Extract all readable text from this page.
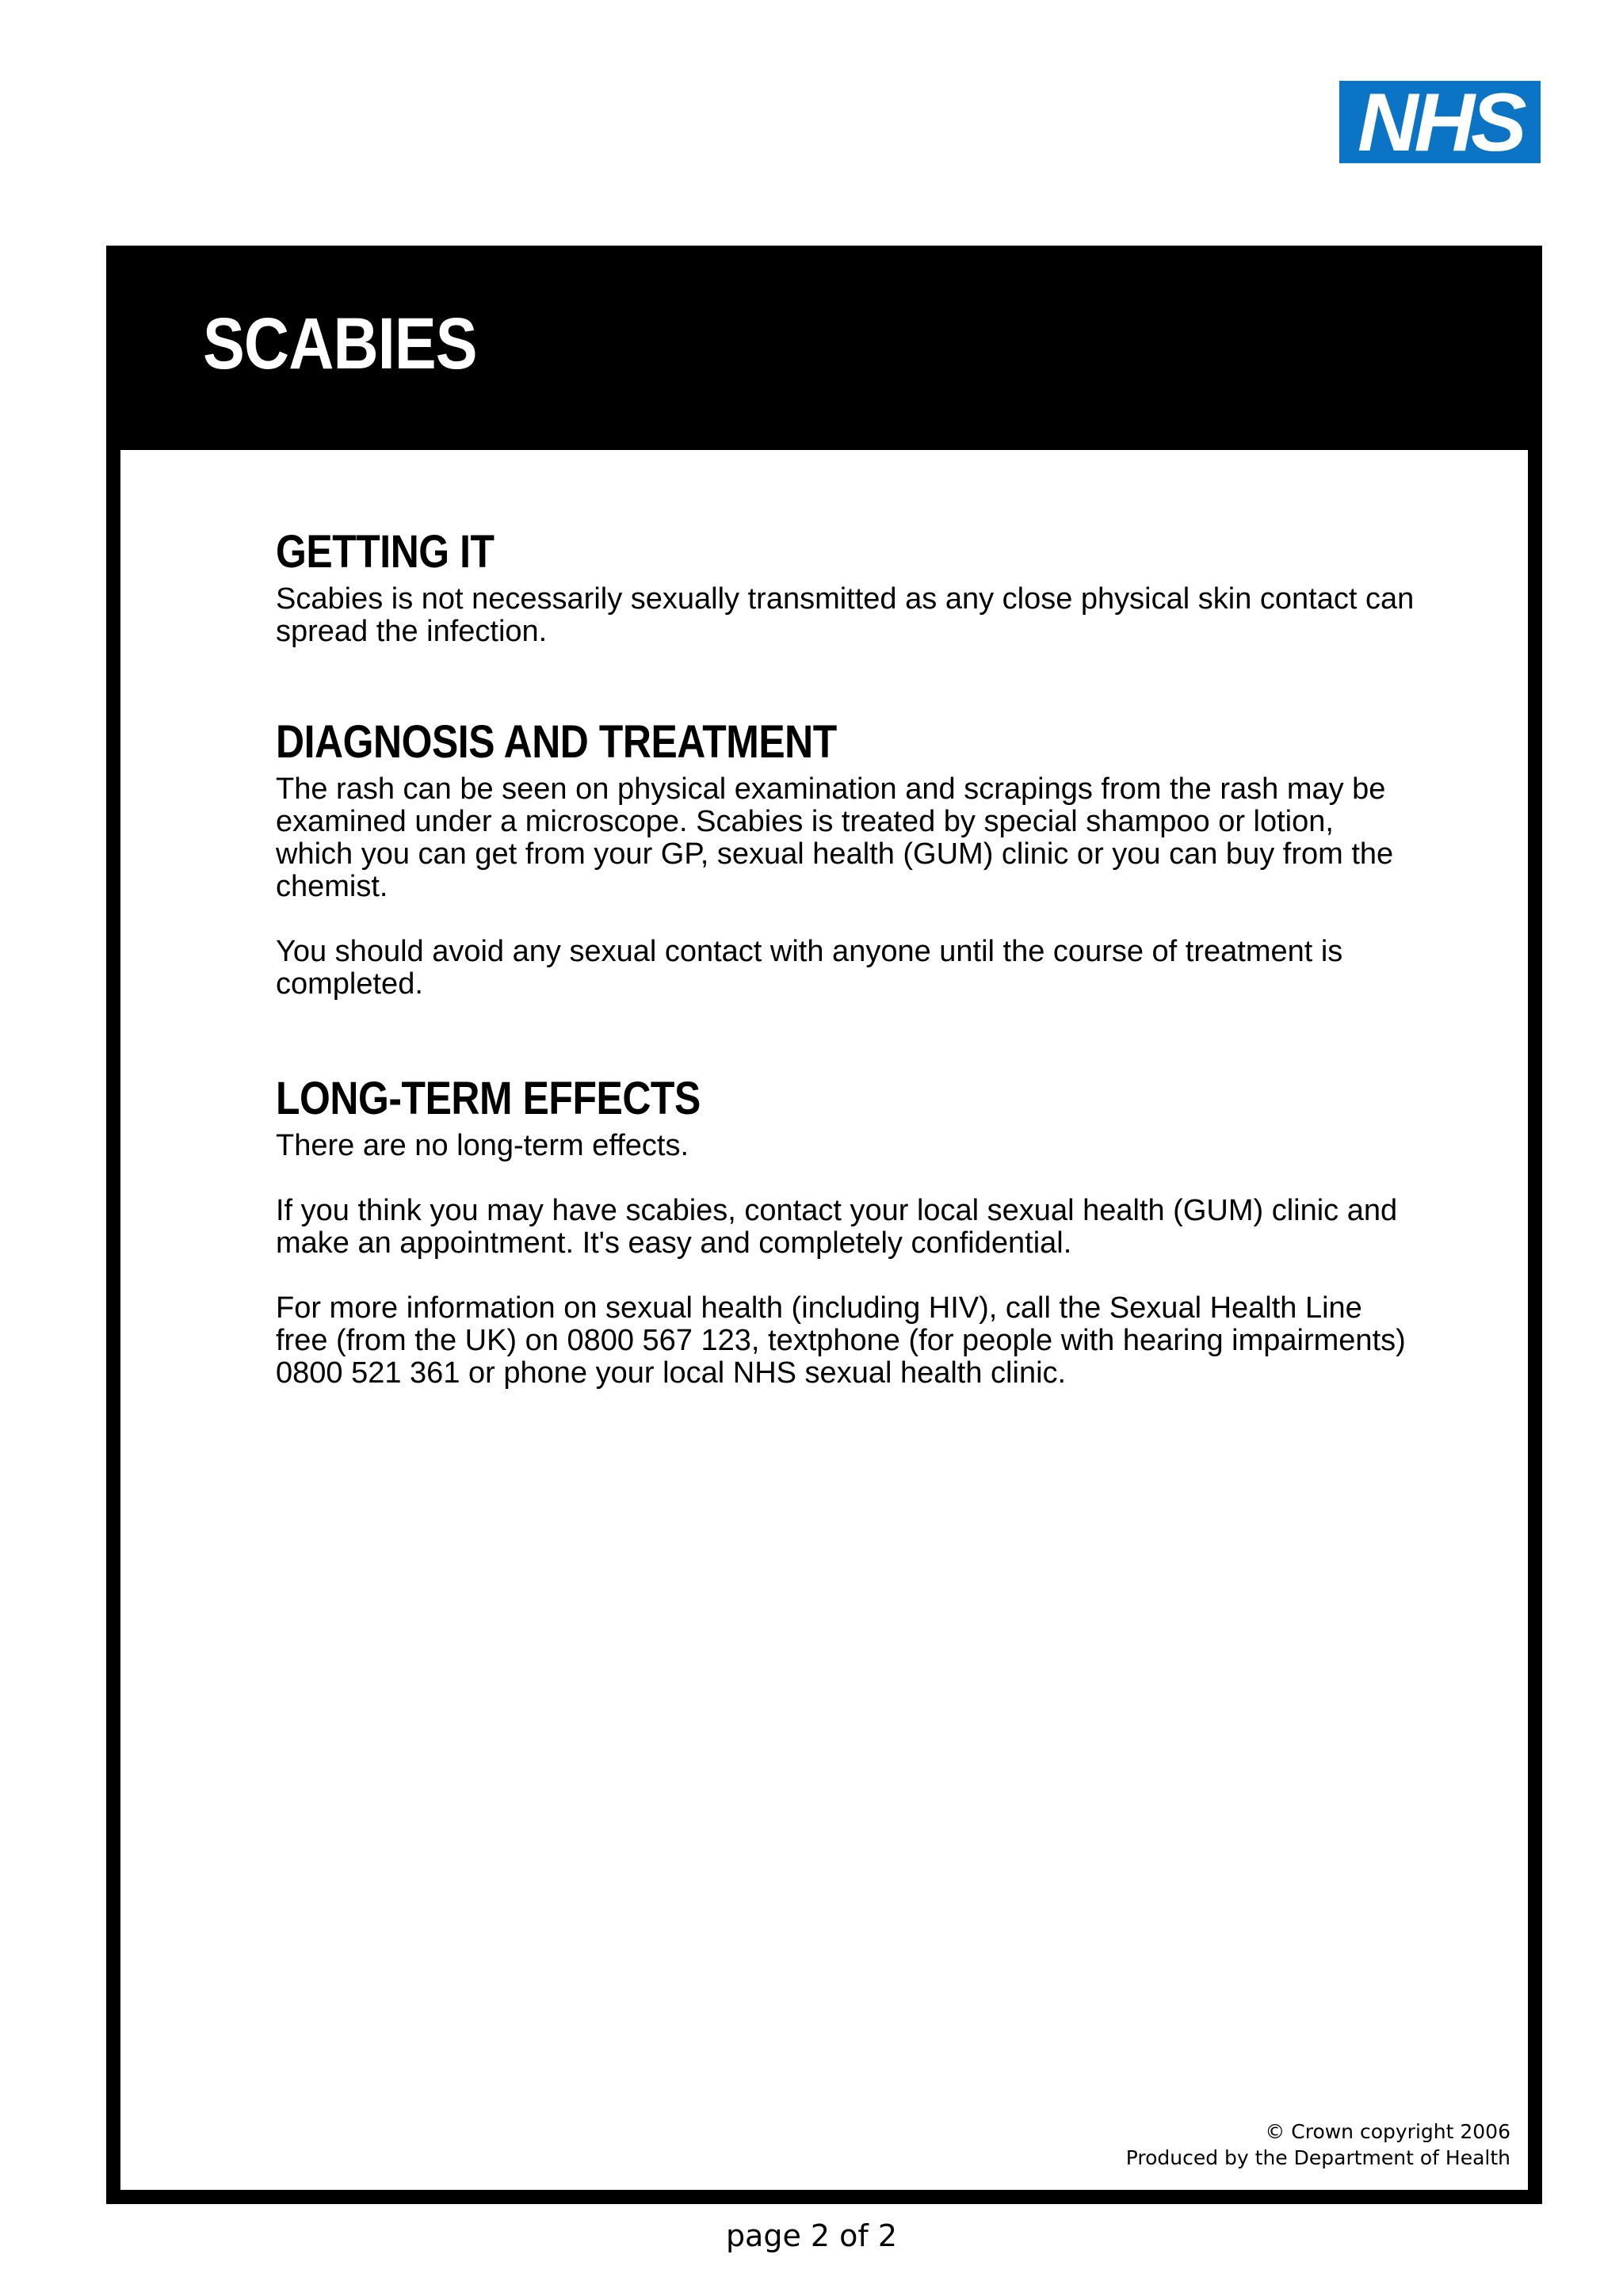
NHS
SCABIES
GETTING IT

Scabies is not necessarily sexually transmitted as any close physical skin contact can spread the infection.

DIAGNOSIS AND TREATMENT

The rash can be seen on physical examination and scrapings from the rash may be examined under a microscope. Scabies is treated by special shampoo or lotion, which you can get from your GP, sexual health (GUM) clinic or you can buy from the chemist.

You should avoid any sexual contact with anyone until the course of treatment is completed.

LONG-TERM EFFECTS

There are no long-term effects.

If you think you may have scabies, contact your local sexual health (GUM) clinic and make an appointment. It's easy and completely confidential.

For more information on sexual health (including HIV), call the Sexual Health Line free (from the UK) on 0800 567 123, textphone (for people with hearing impairments) 0800 521 361 or phone your local NHS sexual health clinic.

© Crown copyright 2006
Produced by the Department of Health
page 2 of 2
